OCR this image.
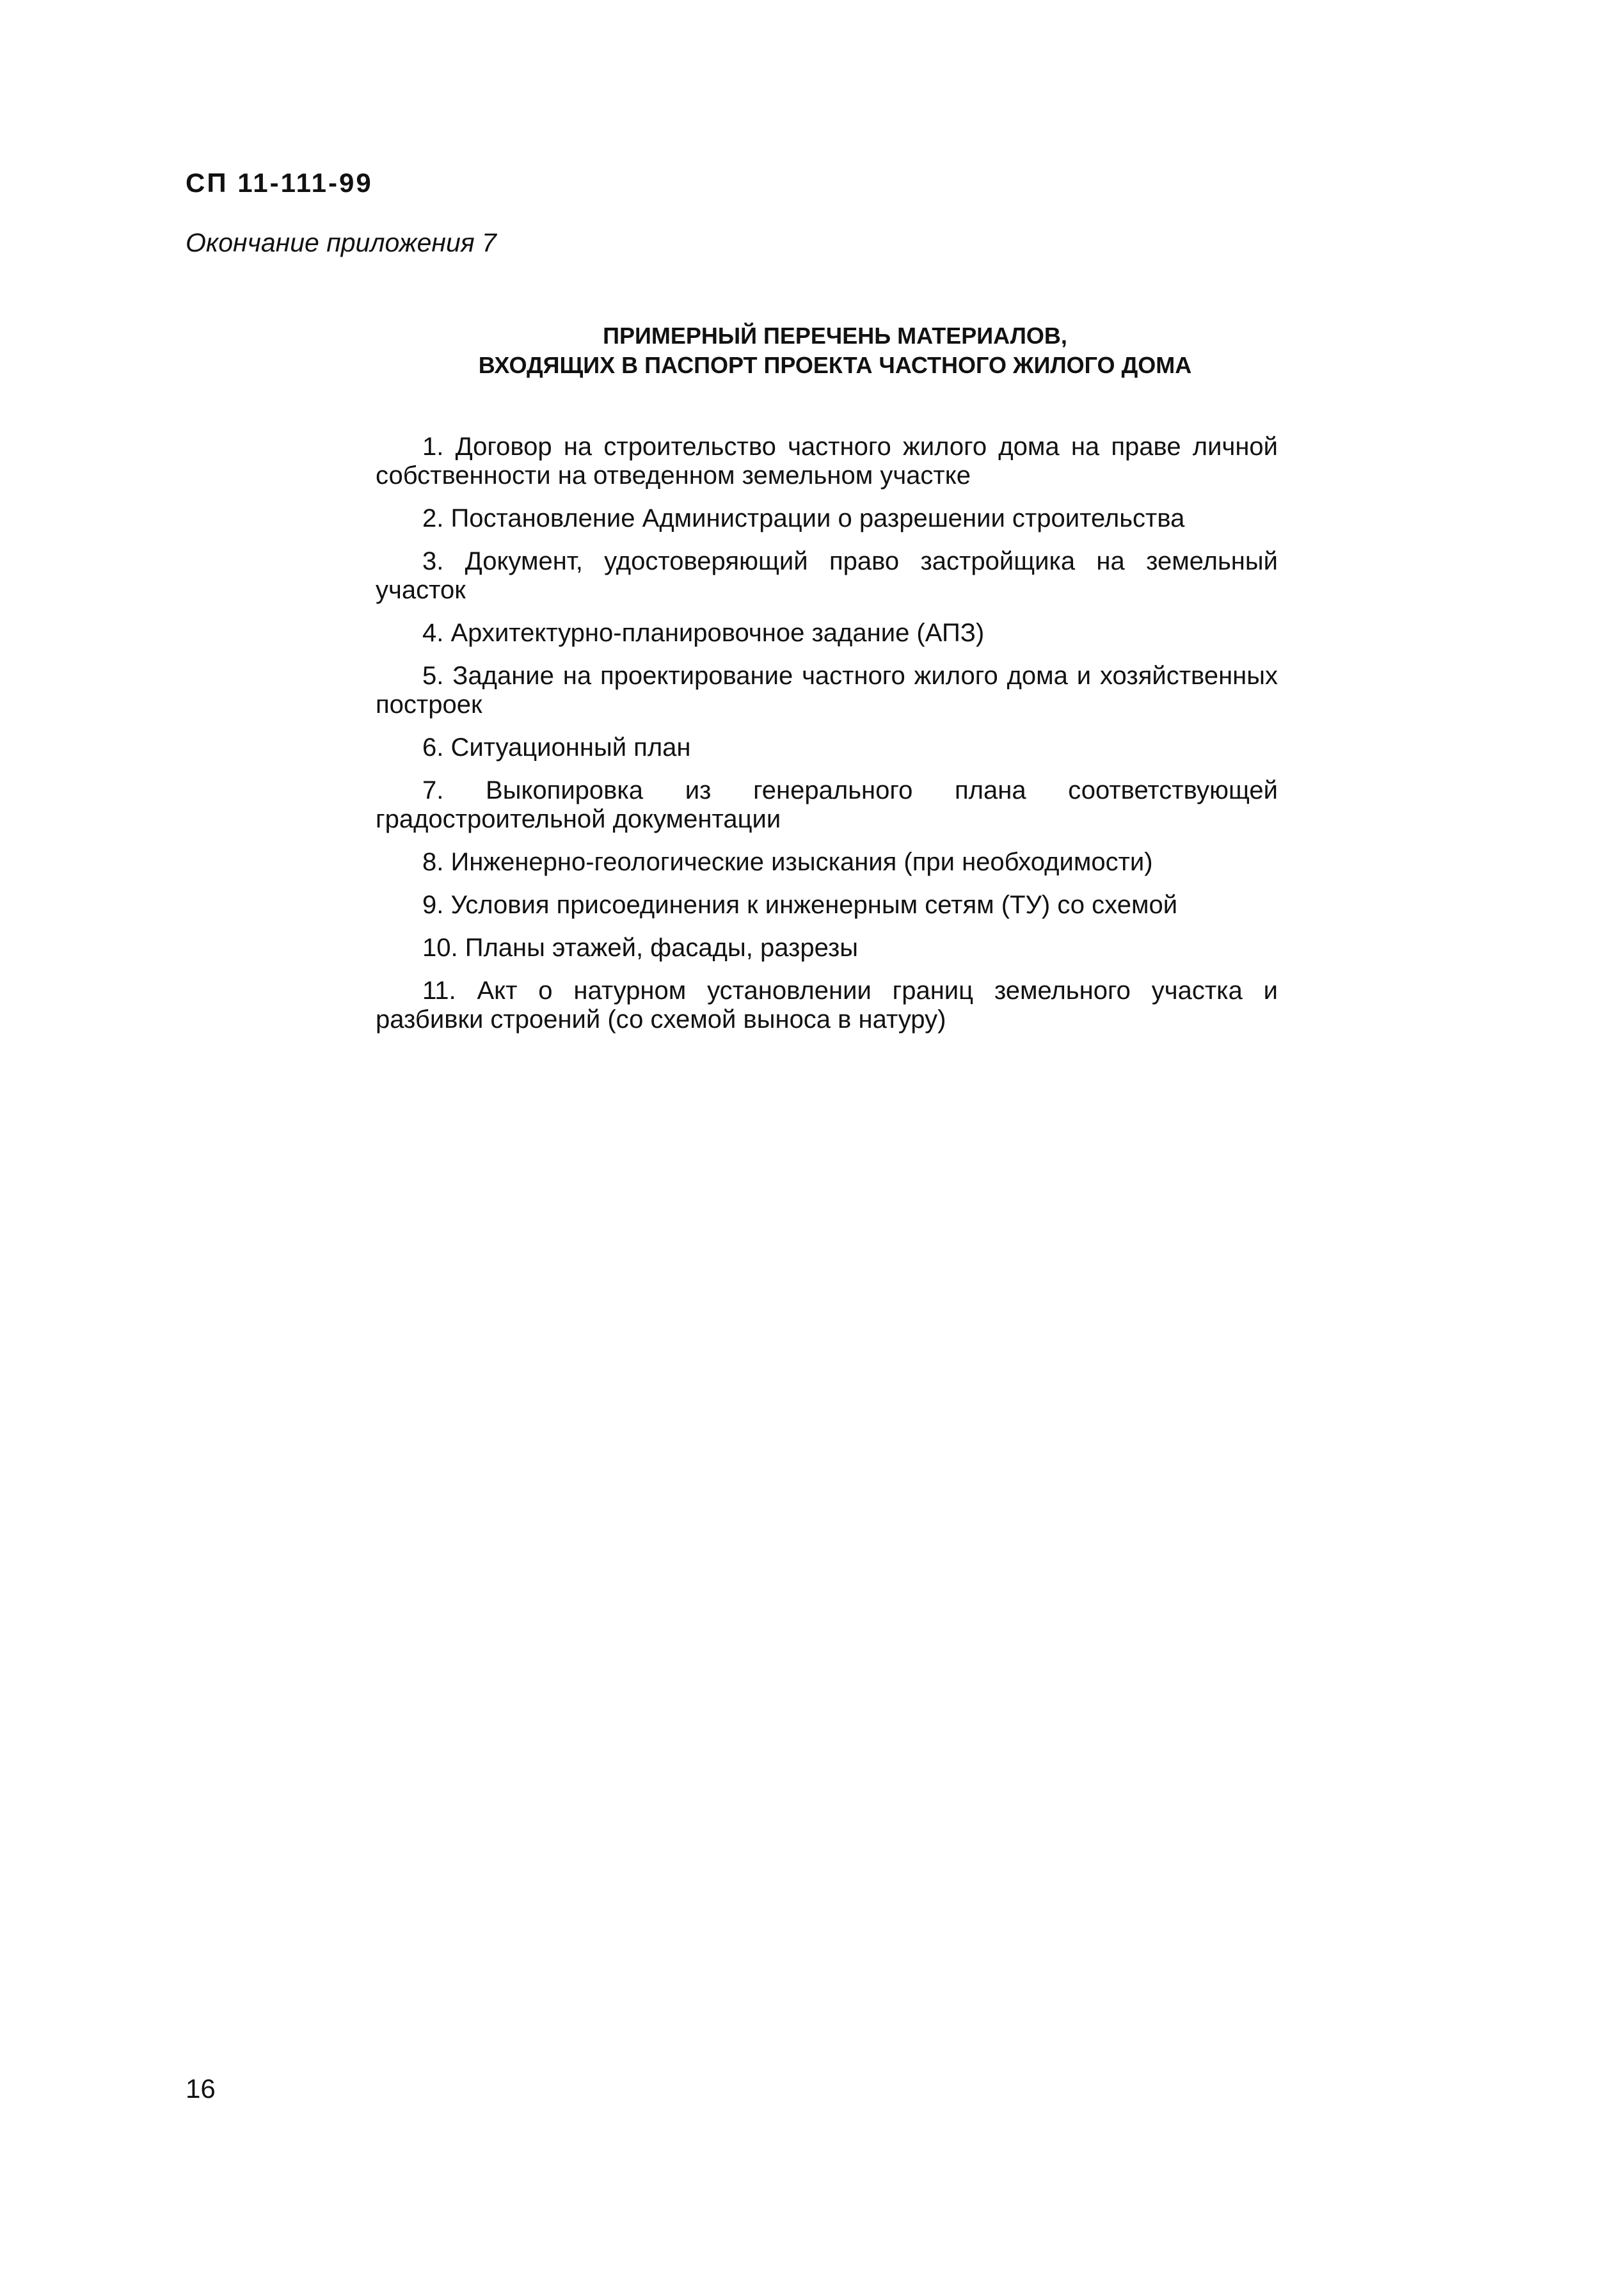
СП 11-111-99

Окончание приложения 7

ПРИМЕРНЫЙ ПЕРЕЧЕНЬ МАТЕРИАЛОВ,
ВХОДЯЩИХ В ПАСПОРТ ПРОЕКТА ЧАСТНОГО ЖИЛОГО ДОМА
1. Договор на строительство частного жилого дома на праве личной собственности на отведенном земельном участке
2. Постановление Администрации о разрешении строительства
3. Документ, удостоверяющий право застройщика на земельный участок
4. Архитектурно-планировочное задание (АПЗ)
5. Задание на проектирование частного жилого дома и хозяйственных построек
6. Ситуационный план
7. Выкопировка из генерального плана соответствующей градостроительной документации
8. Инженерно-геологические изыскания (при необходимости)
9. Условия присоединения к инженерным сетям (ТУ) со схемой
10. Планы этажей, фасады, разрезы
11. Акт о натурном установлении границ земельного участка и разбивки строений (со схемой выноса в натуру)

16
